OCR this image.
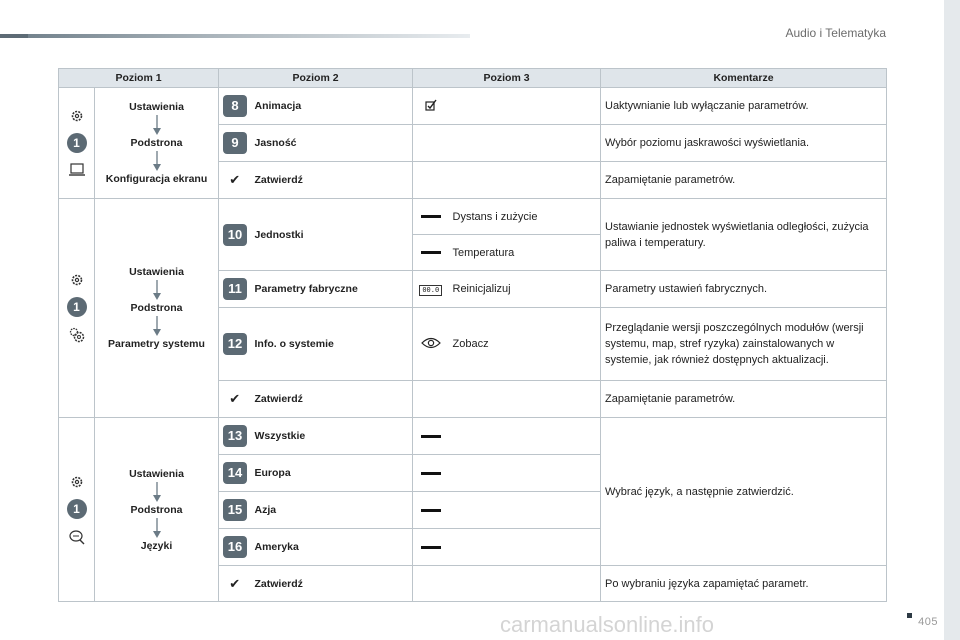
Audio i Telematyka
405
carmanualsonline.info
Poziom 1		Poziom 2		Poziom 3		Komentarze

1	Ustawienia
Podstrona
Konfiguracja ekranu	8	Animacja			Uaktywnianie lub wyłączanie parametrów.
		9	Jasność			Wybór poziomu jaskrawości wyświetlania.
		✔	Zatwierdź			Zapamiętanie parametrów.

1	Ustawienia
Podstrona
Parametry systemu	10	Jednostki		Dystans i zużycie	Ustawianie jednostek wyświetlania odległości, zużycia paliwa i temperatury.
					Temperatura	
		11	Parametry fabryczne	00.0	Reinicjalizuj	Parametry ustawień fabrycznych.
		12	Info. o systemie		Zobacz	Przeglądanie wersji poszczególnych modułów (wersji systemu, map, stref ryzyka) zainstalowanych w systemie, jak również dostępnych aktualizacji.
		✔	Zatwierdź			Zapamiętanie parametrów.

1	Ustawienia
Podstrona
Języki	13	Wszystkie			Wybrać język, a następnie zatwierdzić.
		14	Europa			
		15	Azja			
		16	Ameryka			
		✔	Zatwierdź			Po wybraniu języka zapamiętać parametr.
